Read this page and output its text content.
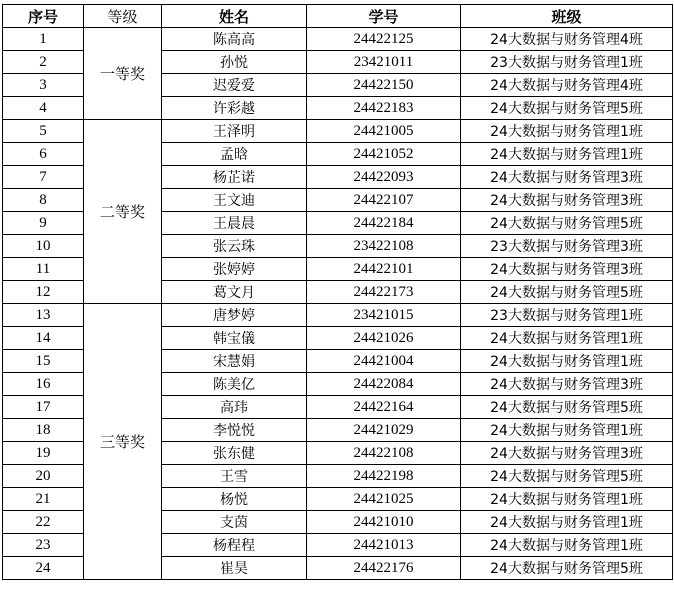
序号	等级	姓名	学号	班级
1	一等奖	陈高高	24422125	24大数据与财务管理4班
2		孙悦	23421011	23大数据与财务管理1班
3		迟爱爱	24422150	24大数据与财务管理4班
4		许彩越	24422183	24大数据与财务管理5班
5	二等奖	王泽明	24421005	24大数据与财务管理1班
6		孟晗	24421052	24大数据与财务管理1班
7		杨芷诺	24422093	24大数据与财务管理3班
8		王文迪	24422107	24大数据与财务管理3班
9		王晨晨	24422184	24大数据与财务管理5班
10		张云珠	23422108	23大数据与财务管理3班
11		张婷婷	24422101	24大数据与财务管理3班
12		葛文月	24422173	24大数据与财务管理5班
13	三等奖	唐梦婷	23421015	23大数据与财务管理1班
14		韩宝儀	24421026	24大数据与财务管理1班
15		宋慧娟	24421004	24大数据与财务管理1班
16		陈美亿	24422084	24大数据与财务管理3班
17		高玮	24422164	24大数据与财务管理5班
18		李悦悦	24421029	24大数据与财务管理1班
19		张东健	24422108	24大数据与财务管理3班
20		王雪	24422198	24大数据与财务管理5班
21		杨悦	24421025	24大数据与财务管理1班
22		支茵	24421010	24大数据与财务管理1班
23		杨程程	24421013	24大数据与财务管理1班
24		崔昊	24422176	24大数据与财务管理5班
